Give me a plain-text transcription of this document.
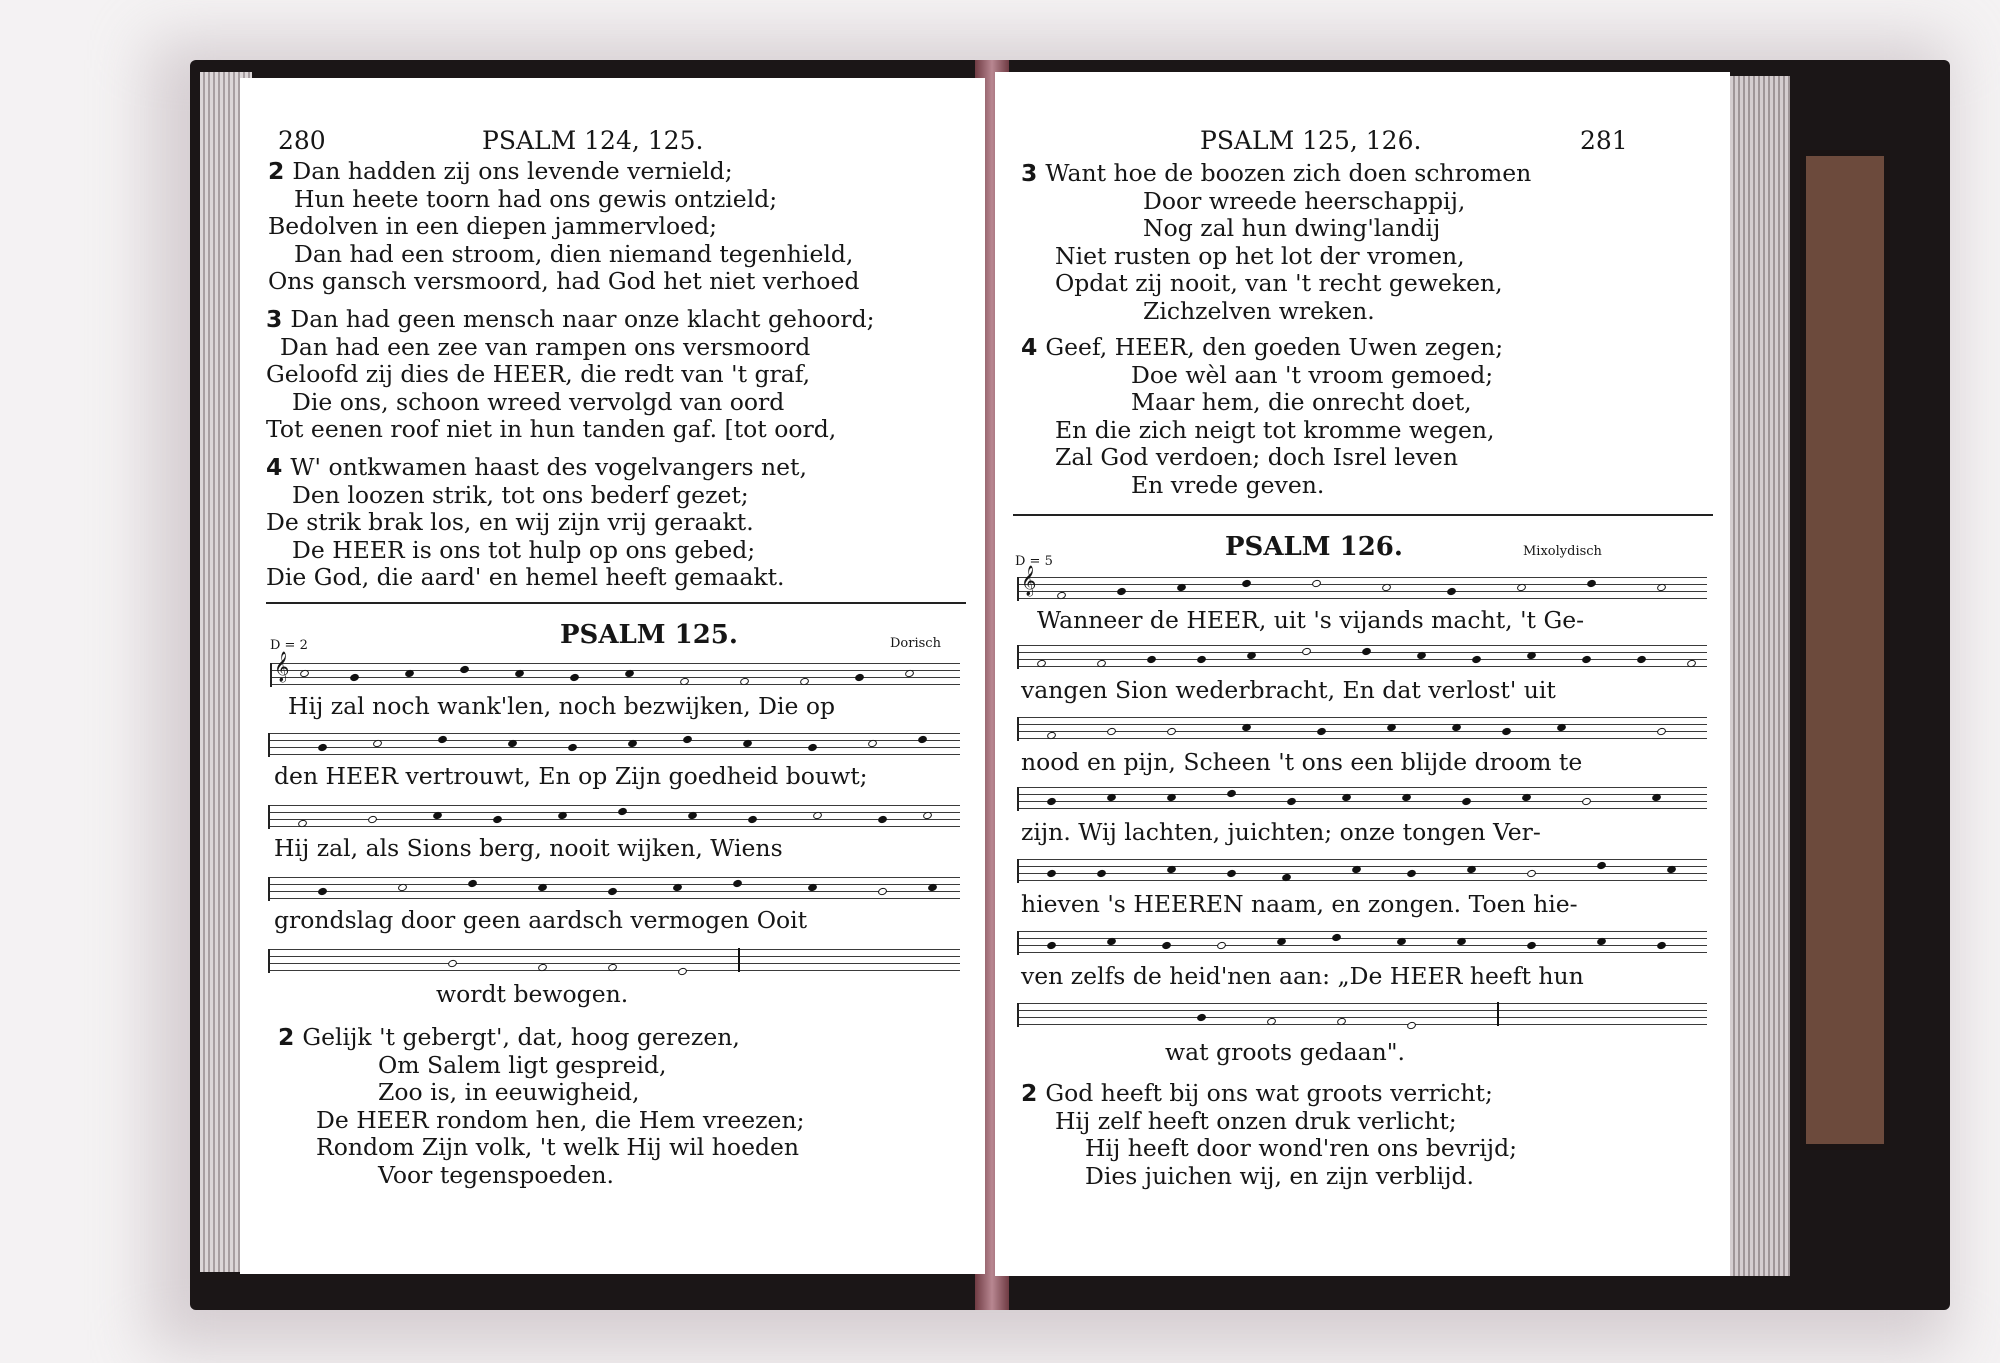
280	PSALM 124, 125.
2 Dan hadden zij ons levende vernield;
Hun heete toorn had ons gewis ontzield;
Bedolven in een diepen jammervloed;
Dan had een stroom, dien niemand tegenhield,
Ons gansch versmoord, had God het niet verhoed
3 Dan had geen mensch naar onze klacht gehoord;
Dan had een zee van rampen ons versmoord
Geloofd zij dies de HEER, die redt van 't graf,
Die ons, schoon wreed vervolgd van oord
Tot eenen roof niet in hun tanden gaf. [tot oord,
4 W' ontkwamen haast des vogelvangers net,
Den loozen strik, tot ons bederf gezet;
De strik brak los, en wij zijn vrij geraakt.
De HEER is ons tot hulp op ons gebed;
Die God, die aard' en hemel heeft gemaakt.
D = 2	PSALM 125.	Dorisch
𝄞
Hij zal noch wank'len, noch bezwijken, Die op
den HEER vertrouwt, En op Zijn goedheid bouwt;
Hij zal, als Sions berg, nooit wijken, Wiens
grondslag door geen aardsch vermogen Ooit
wordt bewogen.
2 Gelijk 't gebergt', dat, hoog gerezen,
Om Salem ligt gespreid,
Zoo is, in eeuwigheid,
De HEER rondom hen, die Hem vreezen;
Rondom Zijn volk, 't welk Hij wil hoeden
Voor tegenspoeden.
PSALM 125, 126.	281
3 Want hoe de boozen zich doen schromen
Door wreede heerschappij,
Nog zal hun dwing'landij
Niet rusten op het lot der vromen,
Opdat zij nooit, van 't recht geweken,
Zichzelven wreken.
4 Geef, HEER, den goeden Uwen zegen;
Doe wèl aan 't vroom gemoed;
Maar hem, die onrecht doet,
En die zich neigt tot kromme wegen,
Zal God verdoen; doch Isrel leven
En vrede geven.
D = 5	PSALM 126.	Mixolydisch
𝄞
Wanneer de HEER, uit 's vijands macht, 't Ge-
vangen Sion wederbracht, En dat verlost' uit
nood en pijn, Scheen 't ons een blijde droom te
zijn. Wij lachten, juichten; onze tongen Ver-
hieven 's HEEREN naam, en zongen. Toen hie-
ven zelfs de heid'nen aan: „De HEER heeft hun
wat groots gedaan".
2 God heeft bij ons wat groots verricht;
Hij zelf heeft onzen druk verlicht;
Hij heeft door wond'ren ons bevrijd;
Dies juichen wij, en zijn verblijd.
